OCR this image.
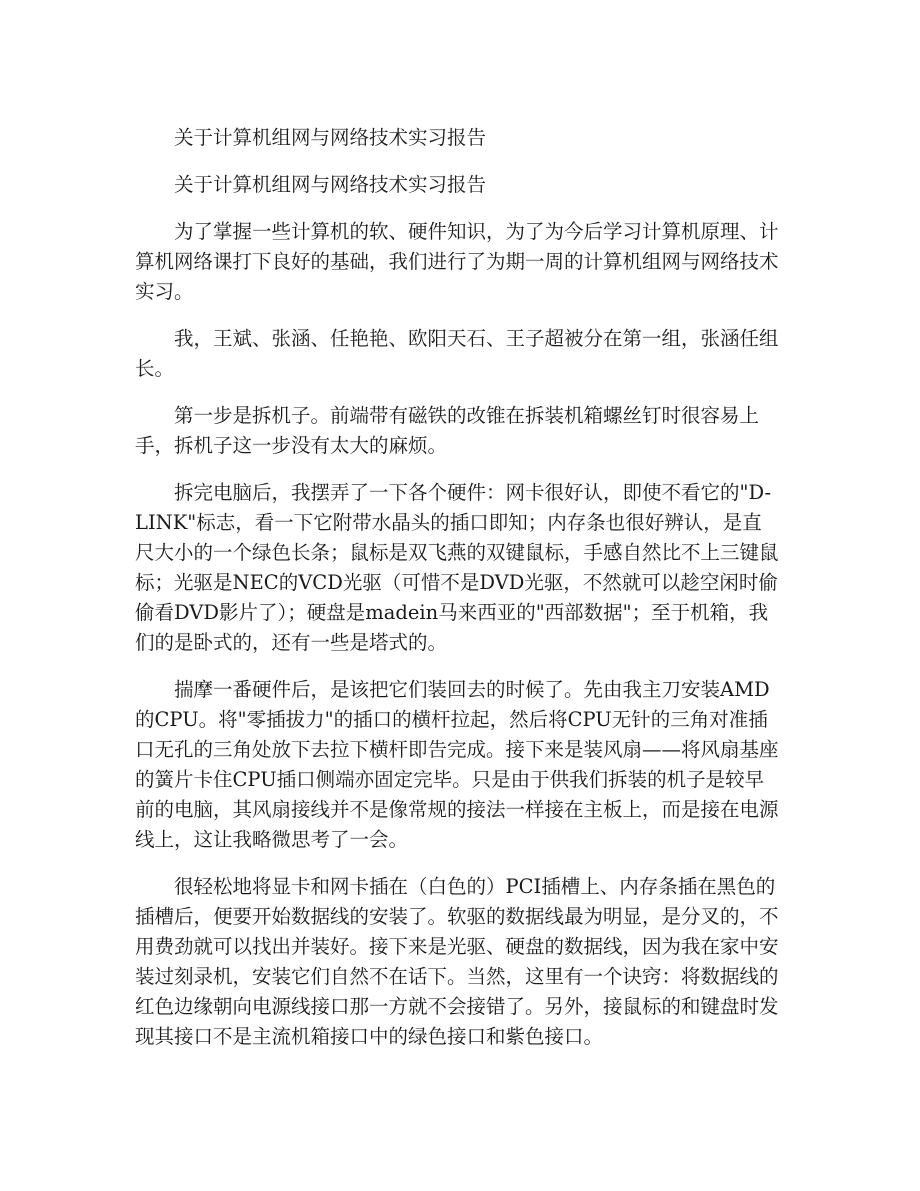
关于计算机组网与网络技术实习报告

关于计算机组网与网络技术实习报告

为了掌握一些计算机的软、硬件知识，为了为今后学习计算机原理、计算机网络课打下良好的基础，我们进行了为期一周的计算机组网与网络技术实习。

我，王斌、张涵、任艳艳、欧阳天石、王子超被分在第一组，张涵任组长。

第一步是拆机子。前端带有磁铁的改锥在拆装机箱螺丝钉时很容易上手，拆机子这一步没有太大的麻烦。

拆完电脑后，我摆弄了一下各个硬件：网卡很好认，即使不看它的"D-
LINK"标志，看一下它附带水晶头的插口即知；内存条也很好辨认，是直尺大小的一个绿色长条；鼠标是双飞燕的双键鼠标，手感自然比不上三键鼠标；光驱是NEC的VCD光驱（可惜不是DVD光驱，不然就可以趁空闲时偷偷看DVD影片了）；硬盘是madein马来西亚的"西部数据"；至于机箱，我们的是卧式的，还有一些是塔式的。

揣摩一番硬件后，是该把它们装回去的时候了。先由我主刀安装AMD的CPU。将"零插拔力"的插口的横杆拉起，然后将CPU无针的三角对准插口无孔的三角处放下去拉下横杆即告完成。接下来是装风扇——将风扇基座的簧片卡住CPU插口侧端亦固定完毕。只是由于供我们拆装的机子是较早前的电脑，其风扇接线并不是像常规的接法一样接在主板上，而是接在电源线上，这让我略微思考了一会。

很轻松地将显卡和网卡插在（白色的）PCI插槽上、内存条插在黑色的插槽后，便要开始数据线的安装了。软驱的数据线最为明显，是分叉的，不用费劲就可以找出并装好。接下来是光驱、硬盘的数据线，因为我在家中安装过刻录机，安装它们自然不在话下。当然，这里有一个诀窍：将数据线的红色边缘朝向电源线接口那一方就不会接错了。另外，接鼠标的和键盘时发现其接口不是主流机箱接口中的绿色接口和紫色接口。
